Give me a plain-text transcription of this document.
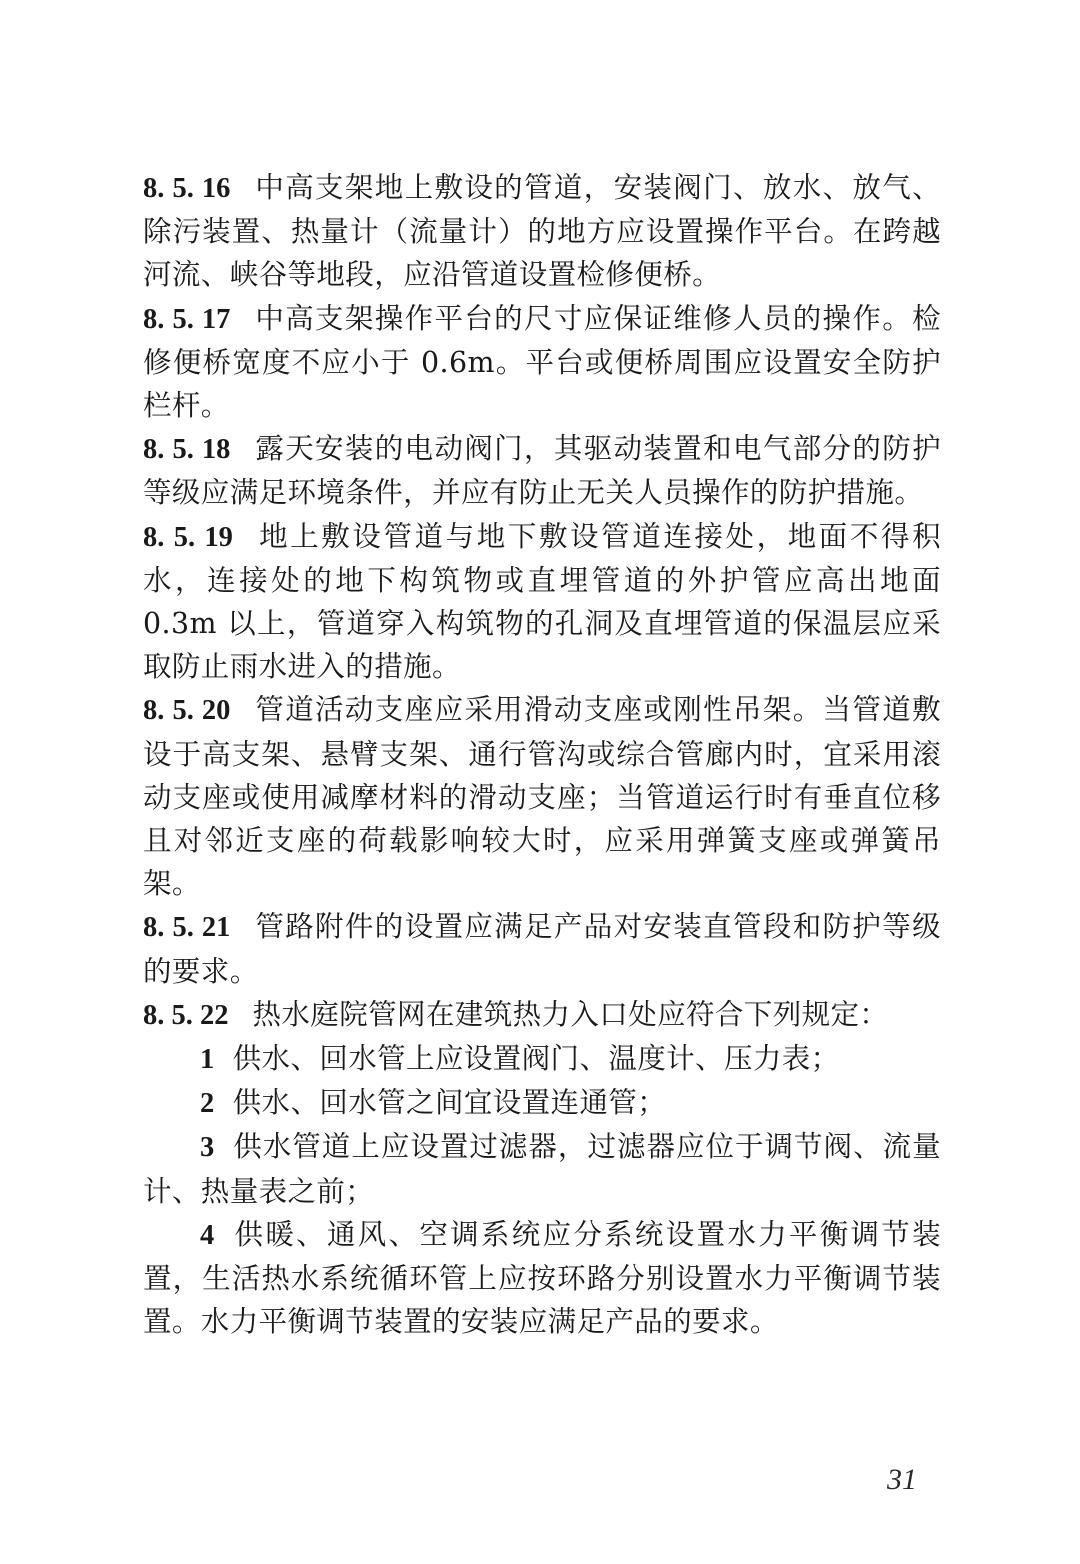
8. 5. 16 中高支架地上敷设的管道，安装阀门、放水、放气、除污装置、热量计（流量计）的地方应设置操作平台。在跨越河流、峡谷等地段，应沿管道设置检修便桥。

8. 5. 17 中高支架操作平台的尺寸应保证维修人员的操作。检修便桥宽度不应小于 0.6m。平台或便桥周围应设置安全防护栏杆。

8. 5. 18 露天安装的电动阀门，其驱动装置和电气部分的防护等级应满足环境条件，并应有防止无关人员操作的防护措施。

8. 5. 19 地上敷设管道与地下敷设管道连接处，地面不得积水，连接处的地下构筑物或直埋管道的外护管应高出地面 0.3m 以上，管道穿入构筑物的孔洞及直埋管道的保温层应采取防止雨水进入的措施。

8. 5. 20 管道活动支座应采用滑动支座或刚性吊架。当管道敷设于高支架、悬臂支架、通行管沟或综合管廊内时，宜采用滚动支座或使用减摩材料的滑动支座；当管道运行时有垂直位移且对邻近支座的荷载影响较大时，应采用弹簧支座或弹簧吊架。

8. 5. 21 管路附件的设置应满足产品对安装直管段和防护等级的要求。

8. 5. 22 热水庭院管网在建筑热力入口处应符合下列规定：

1 供水、回水管上应设置阀门、温度计、压力表；

2 供水、回水管之间宜设置连通管；

3 供水管道上应设置过滤器，过滤器应位于调节阀、流量计、热量表之前；

4 供暖、通风、空调系统应分系统设置水力平衡调节装置，生活热水系统循环管上应按环路分别设置水力平衡调节装置。水力平衡调节装置的安装应满足产品的要求。

31
